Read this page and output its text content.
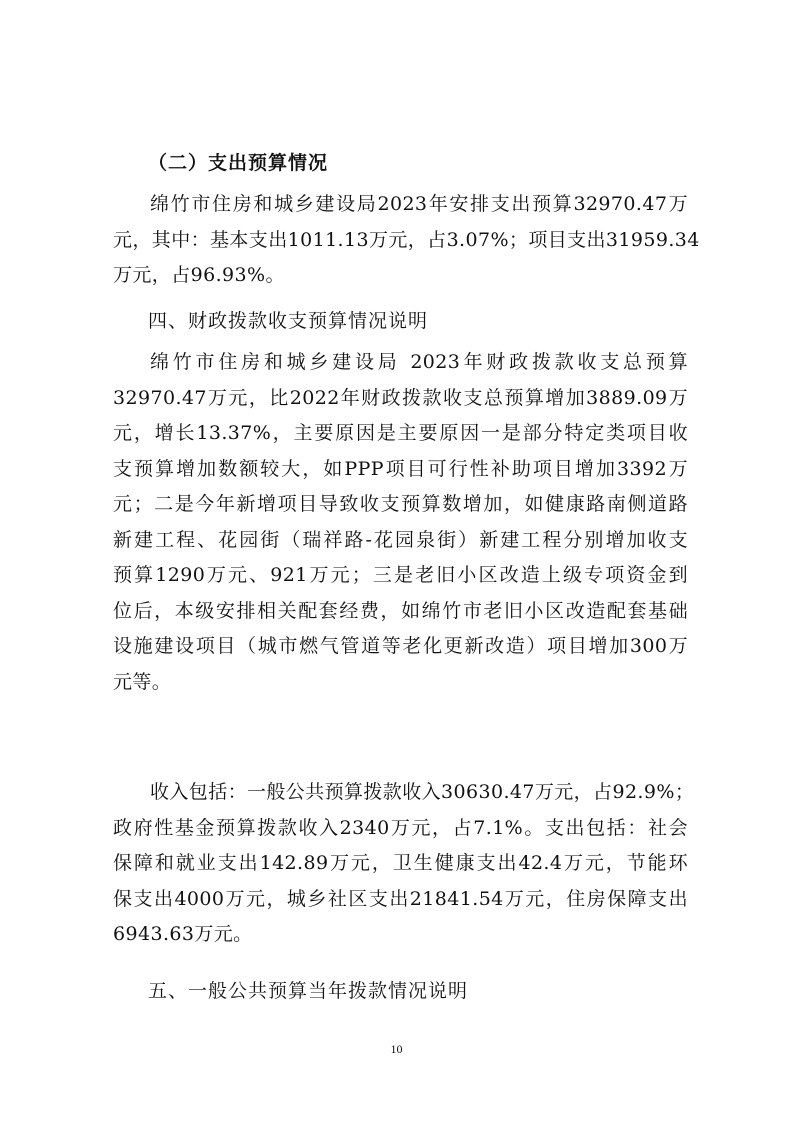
（二）支出预算情况

绵竹市住房和城乡建设局2023年安排支出预算32970.47万
元，其中：基本支出1011.13万元，占3.07%；项目支出31959.34
万元，占96.93%。

四、财政拨款收支预算情况说明

绵竹市住房和城乡建设局 2023年财政拨款收支总预算
32970.47万元，比2022年财政拨款收支总预算增加3889.09万
元，增长13.37%，主要原因是主要原因一是部分特定类项目收
支预算增加数额较大，如PPP项目可行性补助项目增加3392万
元；二是今年新增项目导致收支预算数增加，如健康路南侧道路
新建工程、花园街（瑞祥路-花园泉街）新建工程分别增加收支
预算1290万元、921万元；三是老旧小区改造上级专项资金到
位后，本级安排相关配套经费，如绵竹市老旧小区改造配套基础
设施建设项目（城市燃气管道等老化更新改造）项目增加300万
元等。

收入包括：一般公共预算拨款收入30630.47万元，占92.9%；
政府性基金预算拨款收入2340万元，占7.1%。支出包括：社会
保障和就业支出142.89万元，卫生健康支出42.4万元，节能环
保支出4000万元，城乡社区支出21841.54万元，住房保障支出
6943.63万元。

五、一般公共预算当年拨款情况说明
10
